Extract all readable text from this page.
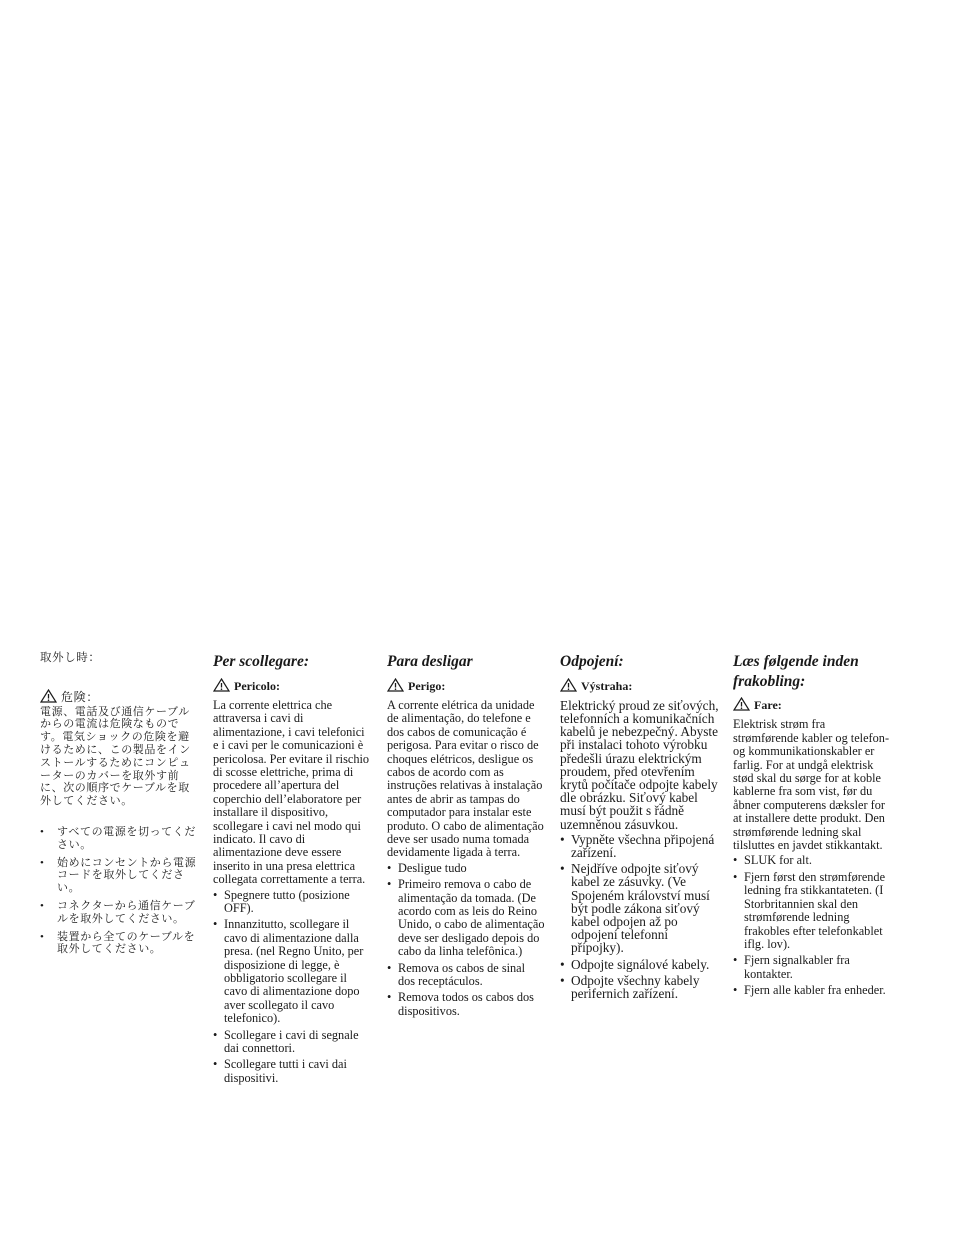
取外し時：
危険：
電源、電話及び通信ケーブルからの電流は危険なものです。電気ショックの危険を避けるために、この製品をインストールするためにコンピューターのカバーを取外す前に、次の順序でケーブルを取外してください。
• すべての電源を切ってください。
• 始めにコンセントから電源コードを取外してください。
• コネクターから通信ケーブルを取外してください。
• 装置から全てのケーブルを取外してください。
Per scollegare:
Pericolo:
La corrente elettrica che attraversa i cavi di alimentazione, i cavi telefonici e i cavi per le comunicazioni è pericolosa. Per evitare il rischio di scosse elettriche, prima di procedere all’apertura del coperchio dell’elaboratore per installare il dispositivo, scollegare i cavi nel modo qui indicato. Il cavo di alimentazione deve essere inserito in una presa elettrica collegata correttamente a terra.
• Spegnere tutto (posizione OFF).
• Innanzitutto, scollegare il cavo di alimentazione dalla presa. (nel Regno Unito, per disposizione di legge, è obbligatorio scollegare il cavo di alimentazione dopo aver scollegato il cavo telefonico).
• Scollegare i cavi di segnale dai connettori.
• Scollegare tutti i cavi dai dispositivi.
Para desligar
Perigo:
A corrente elétrica da unidade de alimentação, do telefone e dos cabos de comunicação é perigosa. Para evitar o risco de choques elétricos, desligue os cabos de acordo com as instruções relativas à instalação antes de abrir as tampas do computador para instalar este produto. O cabo de alimentação deve ser usado numa tomada devidamente ligada à terra.
• Desligue tudo
• Primeiro remova o cabo de alimentação da tomada. (De acordo com as leis do Reino Unido, o cabo de alimentação deve ser desligado depois do cabo da linha telefônica.)
• Remova os cabos de sinal dos receptáculos.
• Remova todos os cabos dos dispositivos.
Odpojení:
Výstraha:
Elektrický proud ze siťových, telefonních a komunikačních kabelů je nebezpečný. Abyste při instalaci tohoto výrobku předešli úrazu elektrickým proudem, před otevřením krytů počítače odpojte kabely dle obrázku. Siťový kabel musí být použit s řádně uzemněnou zásuvkou.
• Vypněte všechna připojená zařízení.
• Nejdříve odpojte siťový kabel ze zásuvky. (Ve Spojeném království musí být podle zákona siťový kabel odpojen až po odpojení telefonní přípojky).
• Odpojte signálové kabely.
• Odpojte všechny kabely perifernich zařízení.
Læs følgende inden frakobling:
Fare:
Elektrisk strøm fra strømførende kabler og telefon- og kommunikationskabler er farlig. For at undgå elektrisk stød skal du sørge for at koble kablerne fra som vist, før du åbner computerens dæksler for at installere dette produkt. Den strømførende ledning skal tilsluttes en javdet stikkantakt.
• SLUK for alt.
• Fjern først den strømførende ledning fra stikkantateten. (I Storbritannien skal den strømførende ledning frakobles efter telefonkablet iflg. lov).
• Fjern signalkabler fra kontakter.
• Fjern alle kabler fra enheder.
